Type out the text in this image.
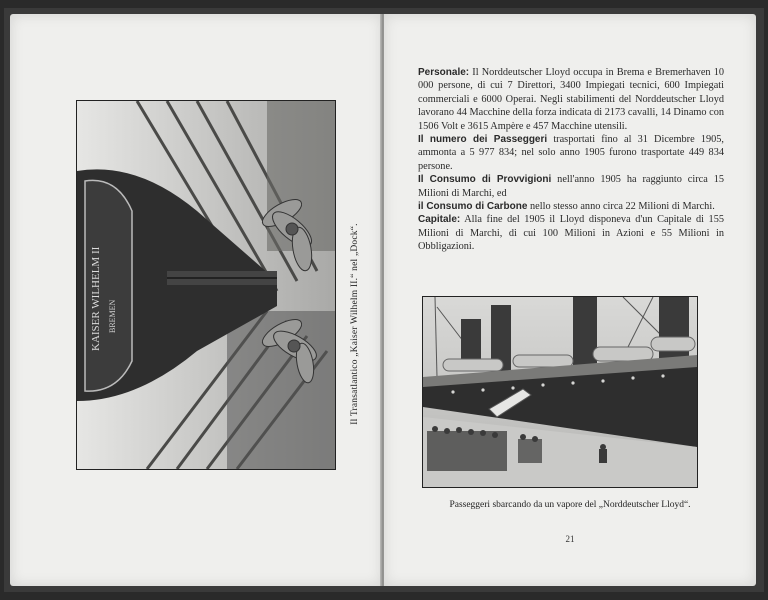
KAISER WILHELM II BREMEN	Il Transatlantico „Kaiser Wilhelm II.“ nel „Dock“.

Personale: Il Norddeutscher Lloyd occupa in Brema e Bremerhaven 10 000 persone, di cui 7 Direttori, 3400 Impiegati tecnici, 600 Impiegati commerciali e 6000 Operai. Negli stabilimenti del Norddeutscher Lloyd lavorano 44 Macchine della forza indicata di 2173 cavalli, 14 Dinamo con 1506 Volt e 3615 Ampère e 457 Macchine utensili.

Il numero dei Passeggeri trasportati fino al 31 Dicembre 1905, ammonta a 5 977 834; nel solo anno 1905 furono trasportate 449 834 persone.

Il Consumo di Provvigioni nell'anno 1905 ha raggiunto circa 15 Milioni di Marchi, ed

il Consumo di Carbone nello stesso anno circa 22 Milioni di Marchi.

Capitale: Alla fine del 1905 il Lloyd disponeva d'un Capitale di 155 Milioni di Marchi, di cui 100 Milioni in Azioni e 55 Milioni in Obbligazioni.

Passeggeri sbarcando da un vapore del „Norddeutscher Lloyd“.
21
